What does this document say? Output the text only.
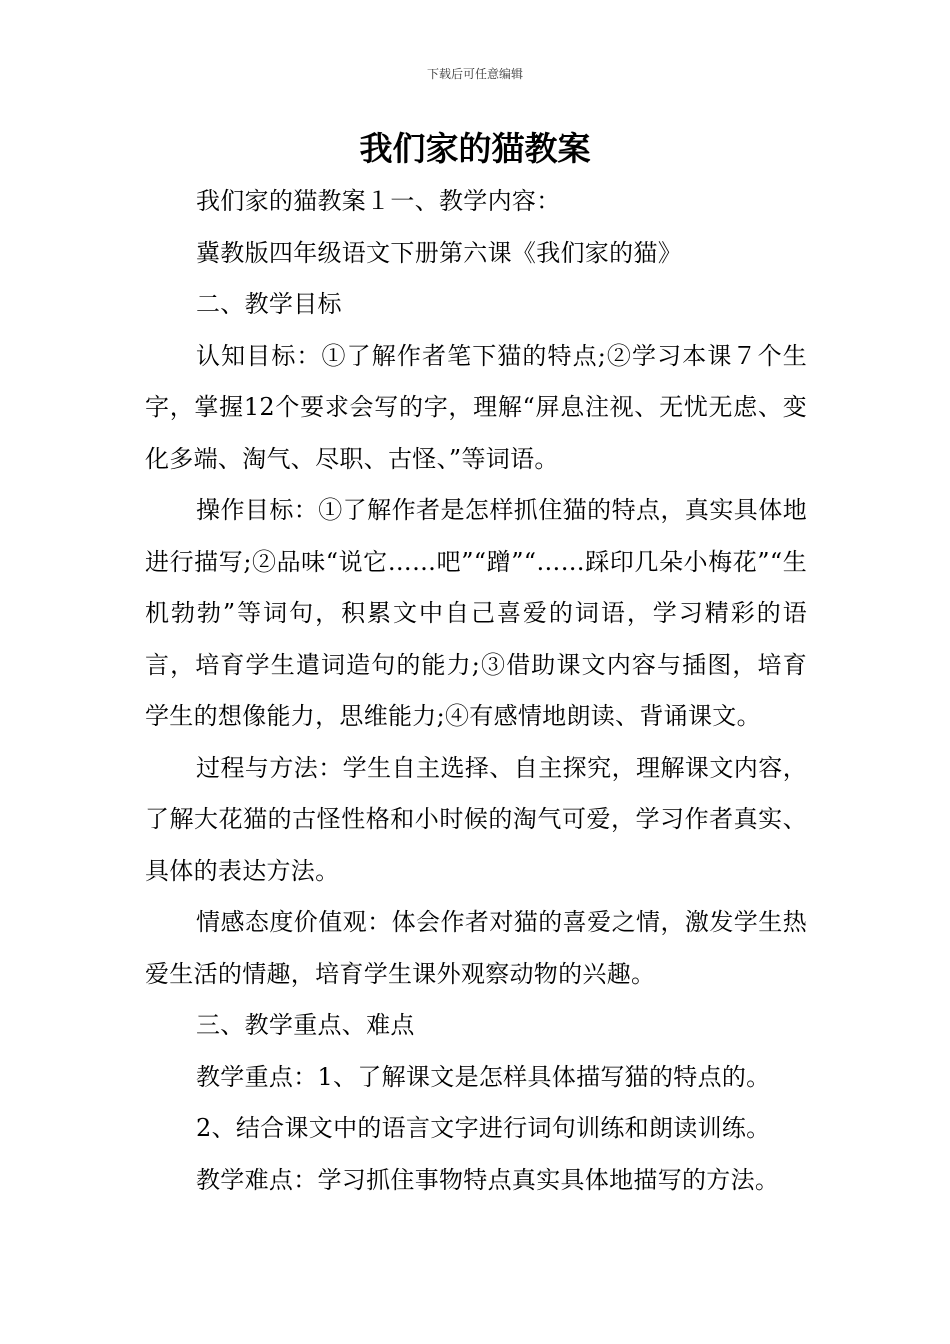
下载后可任意编辑
我们家的猫教案

我们家的猫教案１一、教学内容：

冀教版四年级语文下册第六课《我们家的猫》

二、教学目标

认知目标：①了解作者笔下猫的特点;②学习本课７个生字，掌握12个要求会写的字，理解“屏息注视、无忧无虑、变化多端、淘气、尽职、古怪、”等词语。

操作目标：①了解作者是怎样抓住猫的特点，真实具体地进行描写;②品味“说它……吧”“蹭”“……踩印几朵小梅花”“生机勃勃”等词句，积累文中自己喜爱的词语，学习精彩的语言，培育学生遣词造句的能力;③借助课文内容与插图，培育学生的想像能力，思维能力;④有感情地朗读、背诵课文。

过程与方法：学生自主选择、自主探究，理解课文内容，了解大花猫的古怪性格和小时候的淘气可爱，学习作者真实、具体的表达方法。

情感态度价值观：体会作者对猫的喜爱之情，激发学生热爱生活的情趣，培育学生课外观察动物的兴趣。

三、教学重点、难点

教学重点：1、了解课文是怎样具体描写猫的特点的。

2、结合课文中的语言文字进行词句训练和朗读训练。

教学难点：学习抓住事物特点真实具体地描写的方法。
